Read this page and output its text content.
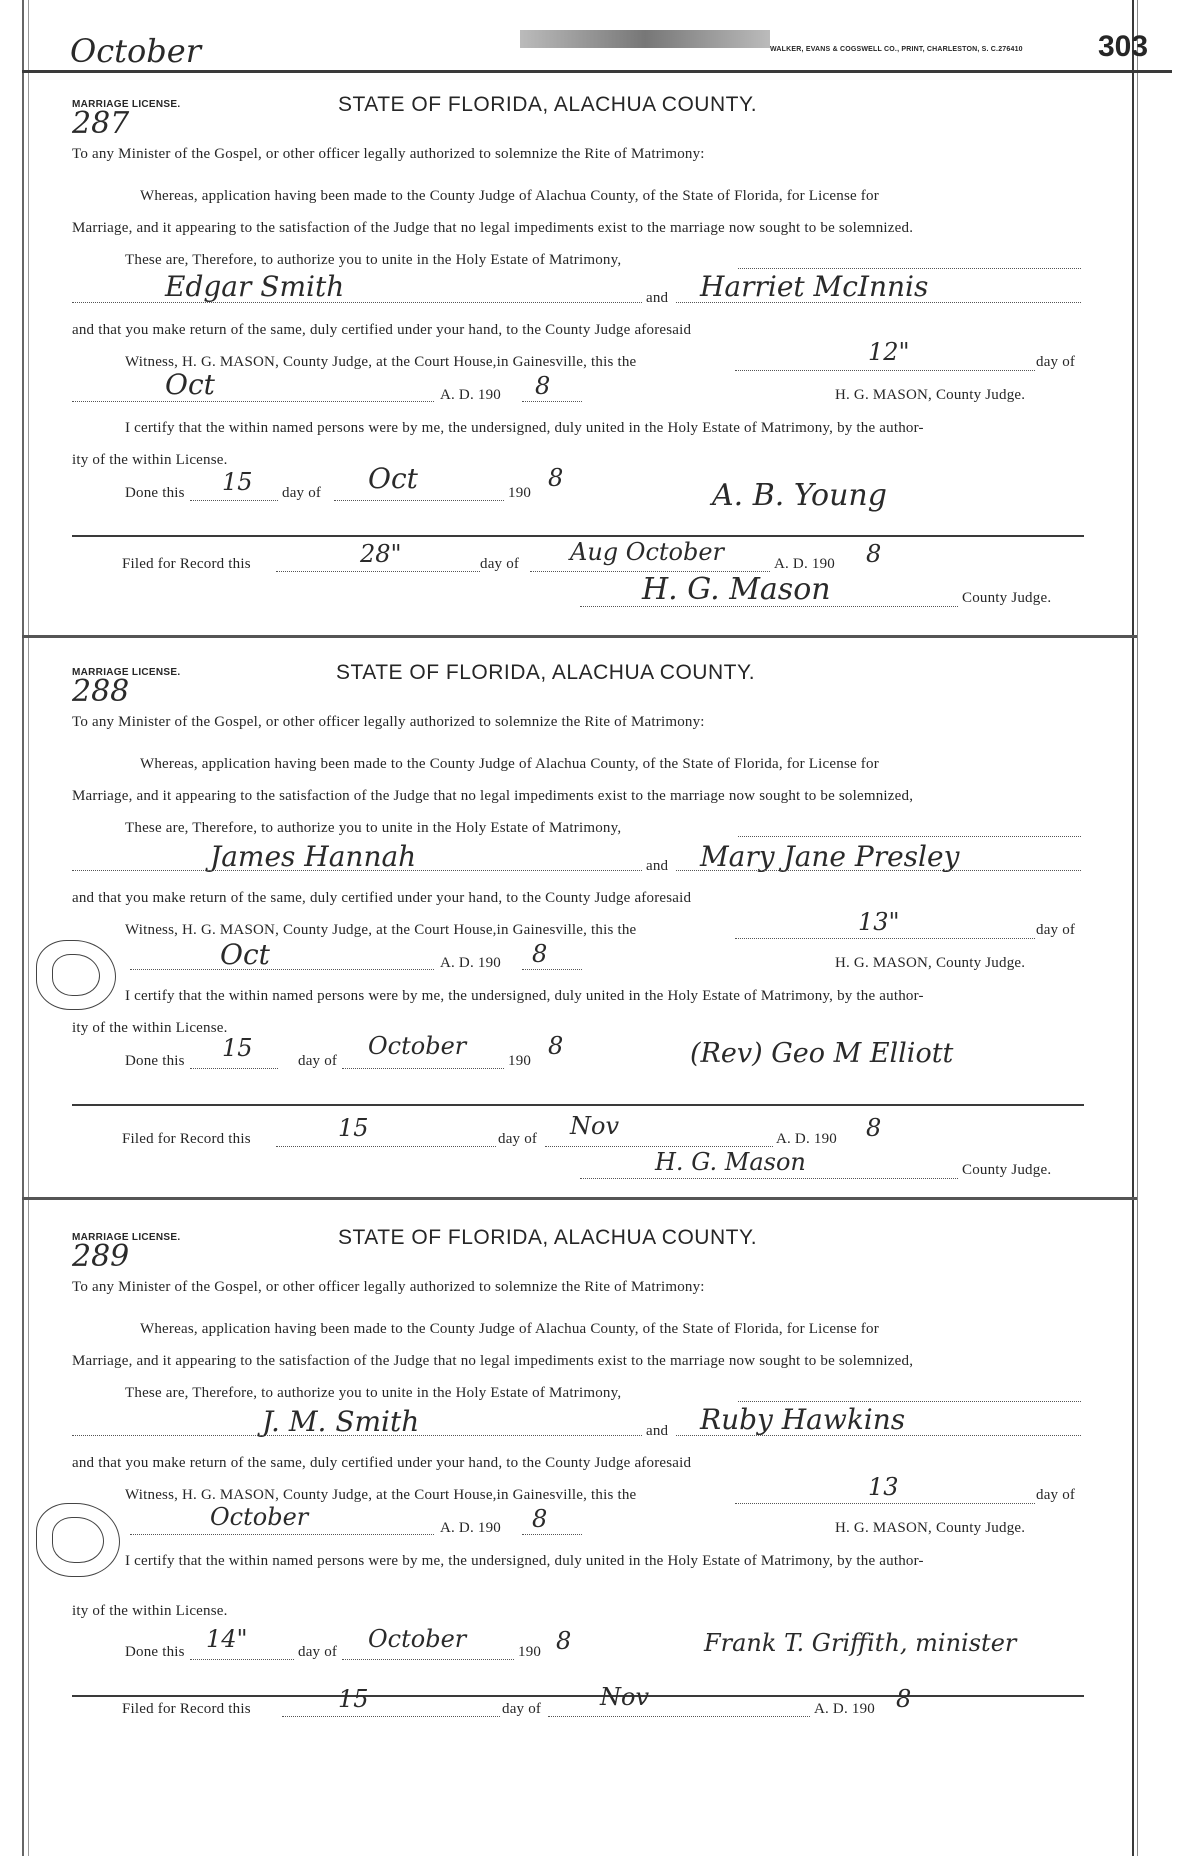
October	WALKER, EVANS & COGSWELL CO., PRINT, CHARLESTON, S. C.276410	303
MARRIAGE LICENSE.
287
STATE OF FLORIDA, ALACHUA COUNTY.
To any Minister of the Gospel, or other officer legally authorized to solemnize the Rite of Matrimony:
Whereas, application having been made to the County Judge of Alachua County, of the State of Florida, for License for
Marriage, and it appearing to the satisfaction of the Judge that no legal impediments exist to the marriage now sought to be solemnized.
These are, Therefore, to authorize you to unite in the Holy Estate of Matrimony,
Edgar Smith	and Harriet McInnis
and that you make return of the same, duly certified under your hand, to the County Judge aforesaid
Witness, H. G. MASON, County Judge, at the Court House,in Gainesville, this the	12"	day of
Oct	A. D. 190 8	H. G. MASON, County Judge.
I certify that the within named persons were by me, the undersigned, duly united in the Holy Estate of Matrimony, by the author-
ity of the within License.
Done this 15 day of Oct	190
8	A. B. Young
Filed for Record this	28"	day of Aug October	A. D. 190 8
H. G. Mason	County Judge.
MARRIAGE LICENSE.
288
STATE OF FLORIDA, ALACHUA COUNTY.
To any Minister of the Gospel, or other officer legally authorized to solemnize the Rite of Matrimony:
Whereas, application having been made to the County Judge of Alachua County, of the State of Florida, for License for
Marriage, and it appearing to the satisfaction of the Judge that no legal impediments exist to the marriage now sought to be solemnized,
These are, Therefore, to authorize you to unite in the Holy Estate of Matrimony,
James Hannah	and Mary Jane Presley
and that you make return of the same, duly certified under your hand, to the County Judge aforesaid
Witness, H. G. MASON, County Judge, at the Court House,in Gainesville, this the	13"	day of
Oct	A. D. 190 8	H. G. MASON, County Judge.
I certify that the within named persons were by me, the undersigned, duly united in the Holy Estate of Matrimony, by the author-
ity of the within License.
Done this 15	day of
October
190
8	(Rev) Geo M Elliott
Filed for Record this	15	day of Nov	A. D. 190 8
H. G. Mason	County Judge.
MARRIAGE LICENSE.
289
STATE OF FLORIDA, ALACHUA COUNTY.
To any Minister of the Gospel, or other officer legally authorized to solemnize the Rite of Matrimony:
Whereas, application having been made to the County Judge of Alachua County, of the State of Florida, for License for
Marriage, and it appearing to the satisfaction of the Judge that no legal impediments exist to the marriage now sought to be solemnized,
These are, Therefore, to authorize you to unite in the Holy Estate of Matrimony,
J. M. Smith	and Ruby Hawkins
and that you make return of the same, duly certified under your hand, to the County Judge aforesaid
Witness, H. G. MASON, County Judge, at the Court House,in Gainesville, this the	13	day of
October	A. D. 190 8	H. G. MASON, County Judge.
I certify that the within named persons were by me, the undersigned, duly united in the Holy Estate of Matrimony, by the author-
ity of the within License.
Done this 14"	day of October	190 8	Frank T. Griffith, minister
Filed for Record this	15	day of Nov	A. D. 190 8
